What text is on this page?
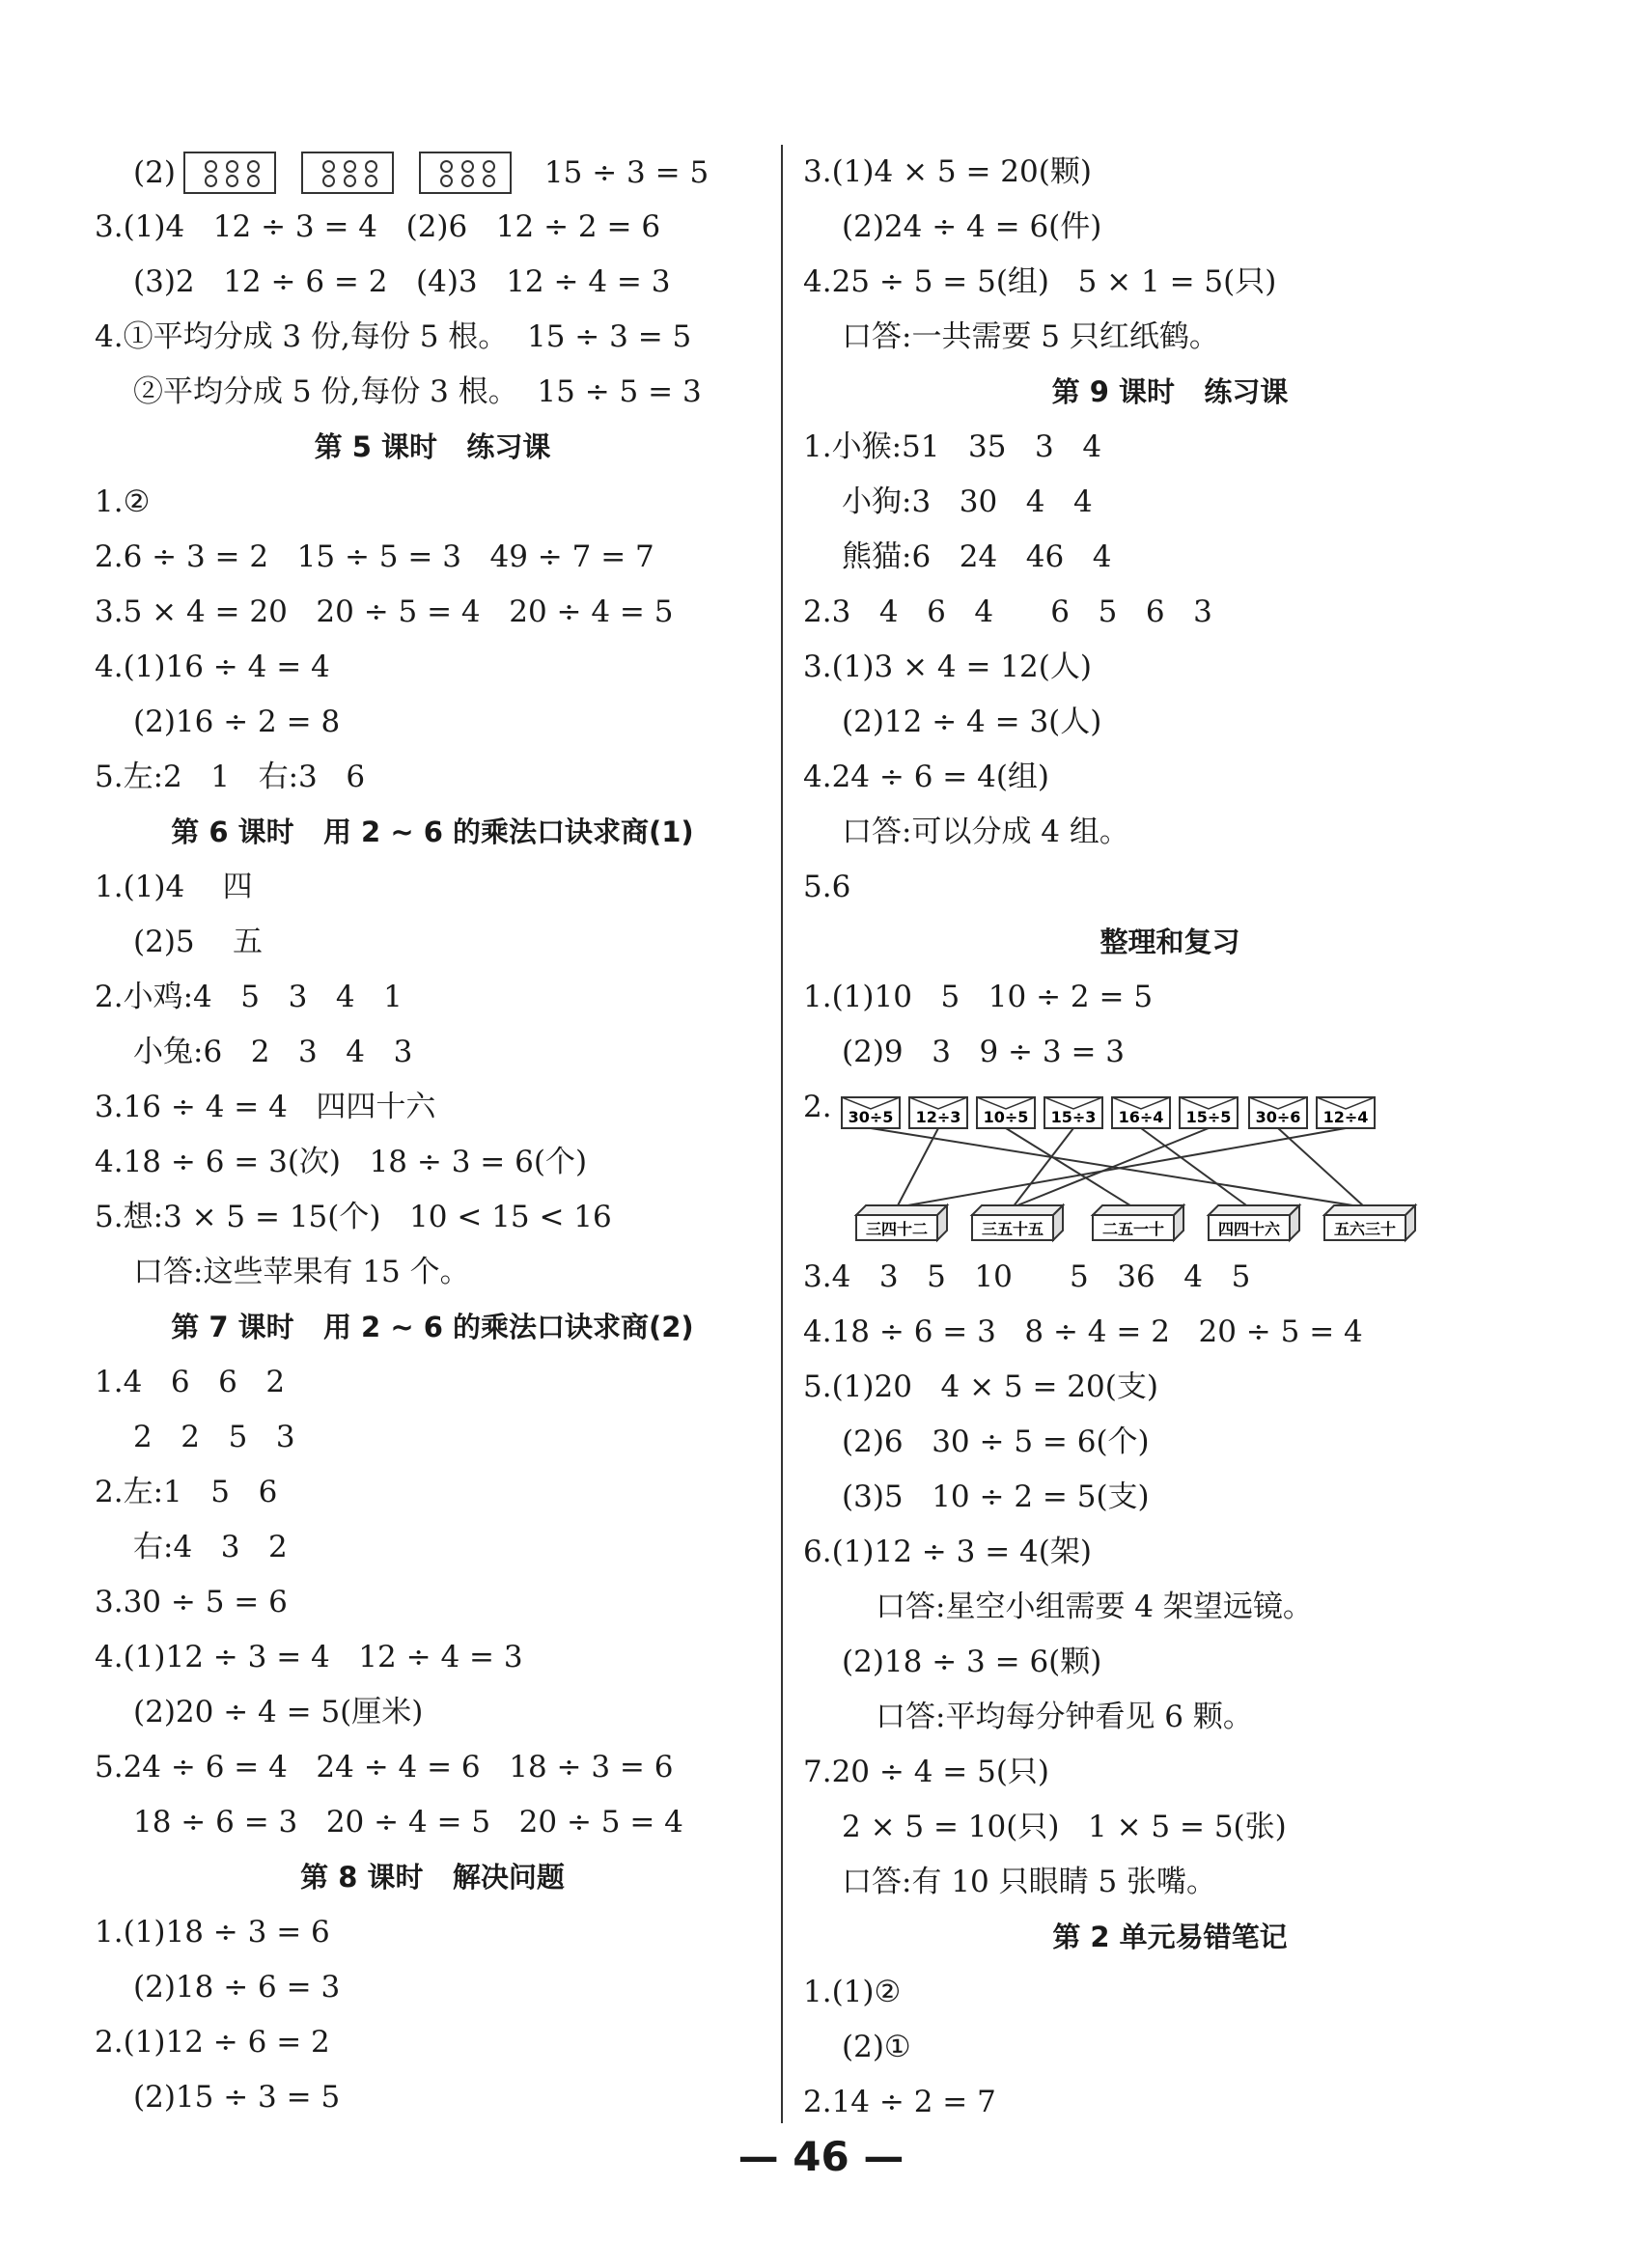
(2)	15 ÷ 3 = 5
3.(1)4   12 ÷ 3 = 4   (2)6   12 ÷ 2 = 6
(3)2   12 ÷ 6 = 2   (4)3   12 ÷ 4 = 3
4.①平均分成 3 份,每份 5 根。  15 ÷ 3 = 5
②平均分成 5 份,每份 3 根。  15 ÷ 5 = 3
第 5 课时   练习课
1.②
2.6 ÷ 3 = 2   15 ÷ 5 = 3   49 ÷ 7 = 7
3.5 × 4 = 20   20 ÷ 5 = 4   20 ÷ 4 = 5
4.(1)16 ÷ 4 = 4
(2)16 ÷ 2 = 8
5.左:2   1   右:3   6
第 6 课时   用 2 ~ 6 的乘法口诀求商(1)
1.(1)4    四
(2)5    五
2.小鸡:4   5   3   4   1
小兔:6   2   3   4   3
3.16 ÷ 4 = 4   四四十六
4.18 ÷ 6 = 3(次)   18 ÷ 3 = 6(个)
5.想:3 × 5 = 15(个)   10 < 15 < 16
口答:这些苹果有 15 个。
第 7 课时   用 2 ~ 6 的乘法口诀求商(2)
1.4   6   6   2
2   2   5   3
2.左:1   5   6
右:4   3   2
3.30 ÷ 5 = 6
4.(1)12 ÷ 3 = 4   12 ÷ 4 = 3
(2)20 ÷ 4 = 5(厘米)
5.24 ÷ 6 = 4   24 ÷ 4 = 6   18 ÷ 3 = 6
18 ÷ 6 = 3   20 ÷ 4 = 5   20 ÷ 5 = 4
第 8 课时   解决问题
1.(1)18 ÷ 3 = 6
(2)18 ÷ 6 = 3
2.(1)12 ÷ 6 = 2
(2)15 ÷ 3 = 5
3.(1)4 × 5 = 20(颗)
(2)24 ÷ 4 = 6(件)
4.25 ÷ 5 = 5(组)   5 × 1 = 5(只)
口答:一共需要 5 只红纸鹤。
第 9 课时   练习课
1.小猴:51   35   3   4
小狗:3   30   4   4
熊猫:6   24   46   4
2.3   4   6   4      6   5   6   3
3.(1)3 × 4 = 12(人)
(2)12 ÷ 4 = 3(人)
4.24 ÷ 6 = 4(组)
口答:可以分成 4 组。
5.6
整理和复习
1.(1)10   5   10 ÷ 2 = 5
(2)9   3   9 ÷ 3 = 3
2. 30÷5 12÷3 10÷5 15÷3 16÷4 15÷5 30÷6 12÷4
三四十二	三五十五	二五一十	四四十六	五六三十
3.4   3   5   10      5   36   4   5
4.18 ÷ 6 = 3   8 ÷ 4 = 2   20 ÷ 5 = 4
5.(1)20   4 × 5 = 20(支)
(2)6   30 ÷ 5 = 6(个)
(3)5   10 ÷ 2 = 5(支)
6.(1)12 ÷ 3 = 4(架)
口答:星空小组需要 4 架望远镜。
(2)18 ÷ 3 = 6(颗)
口答:平均每分钟看见 6 颗。
7.20 ÷ 4 = 5(只)
2 × 5 = 10(只)   1 × 5 = 5(张)
口答:有 10 只眼睛 5 张嘴。
第 2 单元易错笔记
1.(1)②
(2)①
2.14 ÷ 2 = 7
— 46 —
